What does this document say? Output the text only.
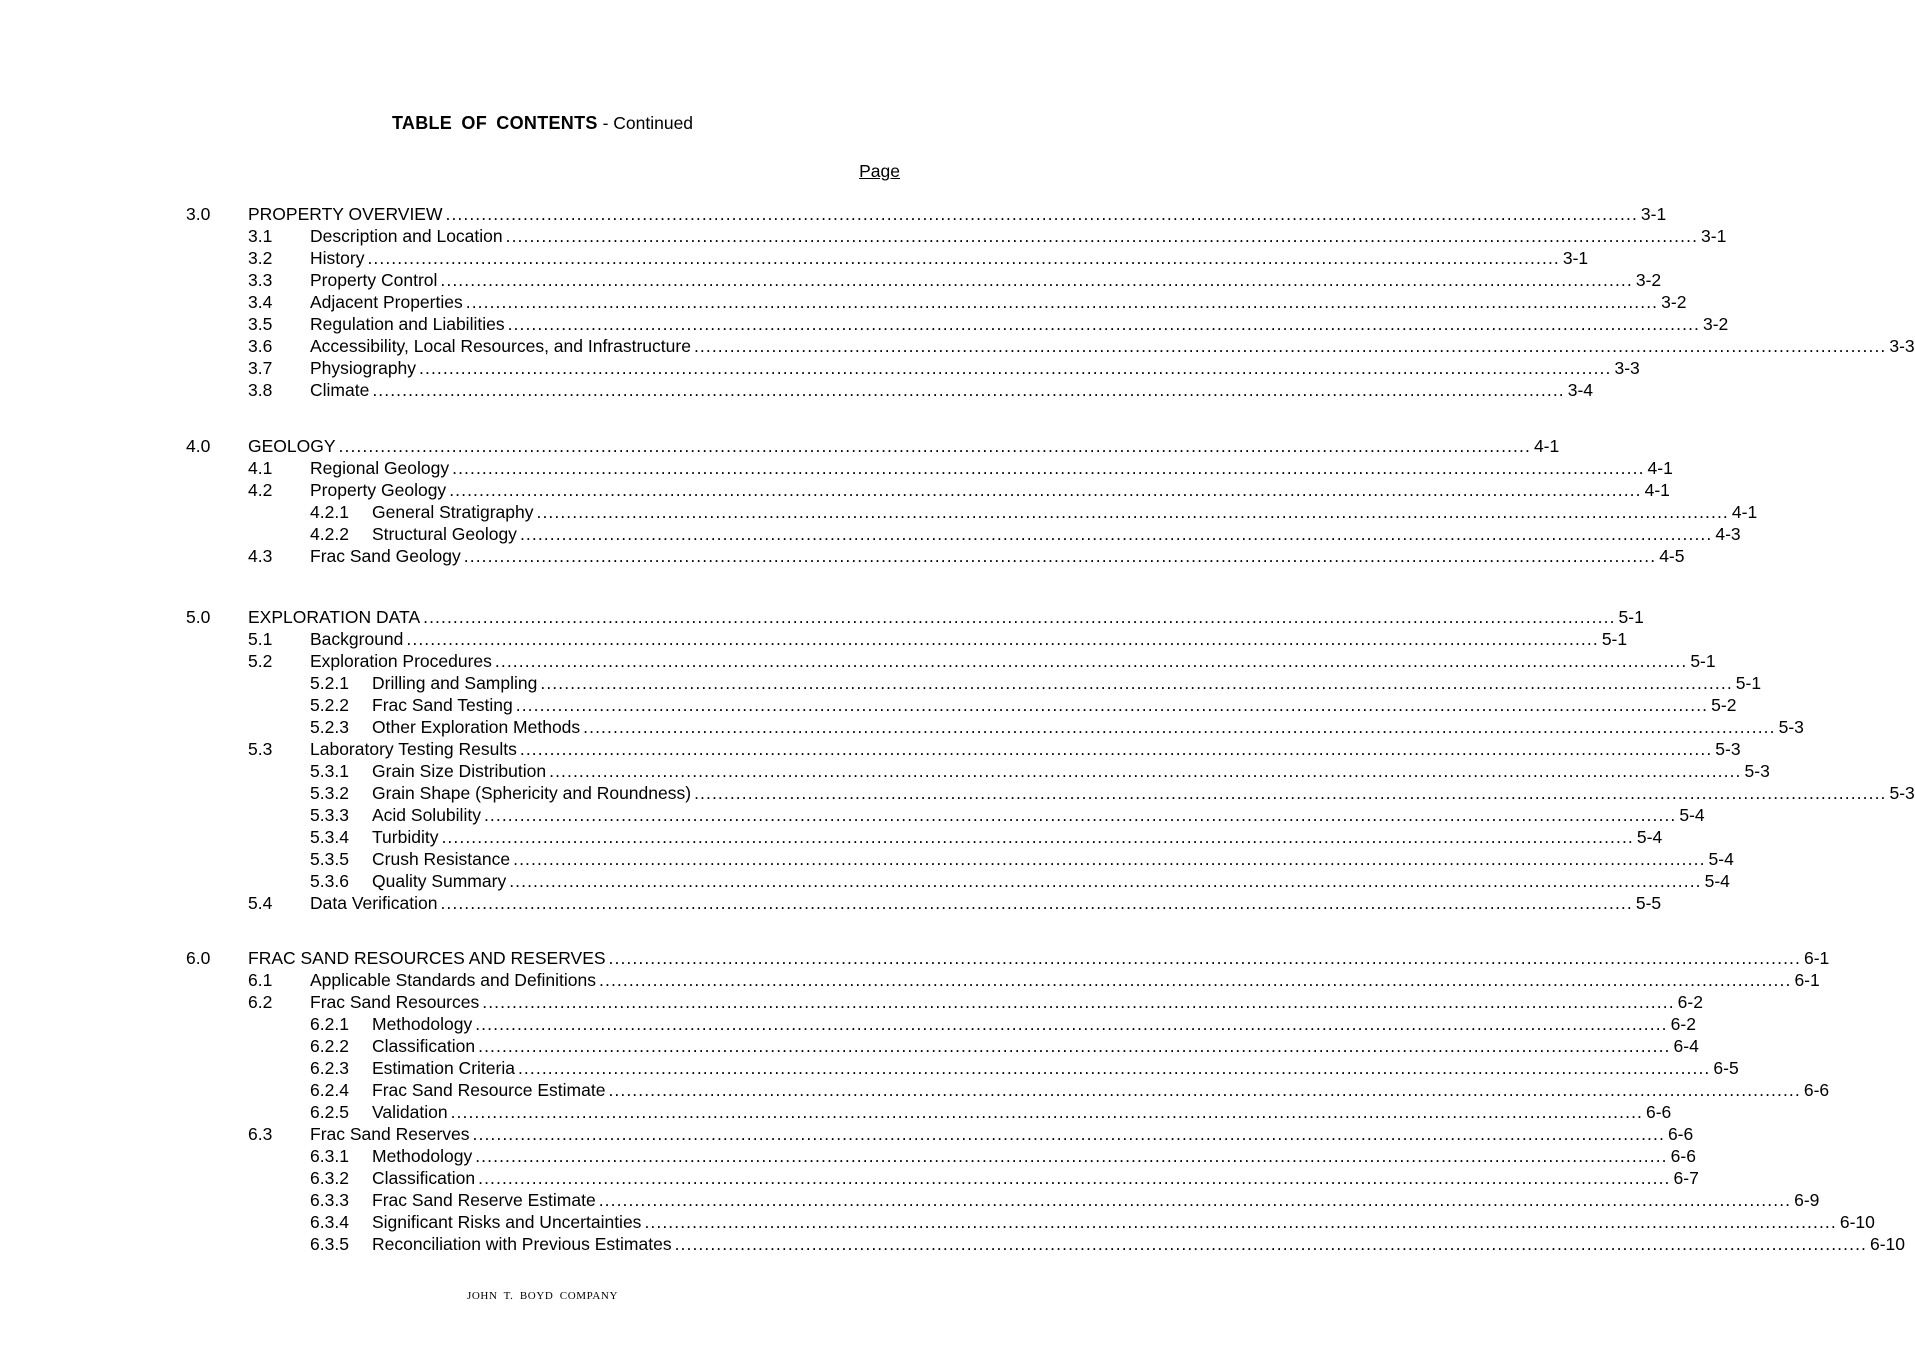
TABLE OF CONTENTS - Continued
Page
3.0 PROPERTY OVERVIEW ........................................................................................................................................................................................................ 3-1
3.1 Description and Location ........................................................................................................................................................................................................ 3-1
3.2 History ........................................................................................................................................................................................................ 3-1
3.3 Property Control ........................................................................................................................................................................................................ 3-2
3.4 Adjacent Properties ........................................................................................................................................................................................................ 3-2
3.5 Regulation and Liabilities ........................................................................................................................................................................................................ 3-2
3.6 Accessibility, Local Resources, and Infrastructure ........................................................................................................................................................................................................ 3-3
3.7 Physiography ........................................................................................................................................................................................................ 3-3
3.8 Climate ........................................................................................................................................................................................................ 3-4
4.0 GEOLOGY ........................................................................................................................................................................................................ 4-1
4.1 Regional Geology ........................................................................................................................................................................................................ 4-1
4.2 Property Geology ........................................................................................................................................................................................................ 4-1
4.2.1 General Stratigraphy ........................................................................................................................................................................................................ 4-1
4.2.2 Structural Geology ........................................................................................................................................................................................................ 4-3
4.3 Frac Sand Geology ........................................................................................................................................................................................................ 4-5
5.0 EXPLORATION DATA ........................................................................................................................................................................................................ 5-1
5.1 Background ........................................................................................................................................................................................................ 5-1
5.2 Exploration Procedures ........................................................................................................................................................................................................ 5-1
5.2.1 Drilling and Sampling ........................................................................................................................................................................................................ 5-1
5.2.2 Frac Sand Testing ........................................................................................................................................................................................................ 5-2
5.2.3 Other Exploration Methods ........................................................................................................................................................................................................ 5-3
5.3 Laboratory Testing Results ........................................................................................................................................................................................................ 5-3
5.3.1 Grain Size Distribution ........................................................................................................................................................................................................ 5-3
5.3.2 Grain Shape (Sphericity and Roundness) ........................................................................................................................................................................................................ 5-3
5.3.3 Acid Solubility ........................................................................................................................................................................................................ 5-4
5.3.4 Turbidity ........................................................................................................................................................................................................ 5-4
5.3.5 Crush Resistance ........................................................................................................................................................................................................ 5-4
5.3.6 Quality Summary ........................................................................................................................................................................................................ 5-4
5.4 Data Verification ........................................................................................................................................................................................................ 5-5
6.0 FRAC SAND RESOURCES AND RESERVES ........................................................................................................................................................................................................ 6-1
6.1 Applicable Standards and Definitions ........................................................................................................................................................................................................ 6-1
6.2 Frac Sand Resources ........................................................................................................................................................................................................ 6-2
6.2.1 Methodology ........................................................................................................................................................................................................ 6-2
6.2.2 Classification ........................................................................................................................................................................................................ 6-4
6.2.3 Estimation Criteria ........................................................................................................................................................................................................ 6-5
6.2.4 Frac Sand Resource Estimate ........................................................................................................................................................................................................ 6-6
6.2.5 Validation ........................................................................................................................................................................................................ 6-6
6.3 Frac Sand Reserves ........................................................................................................................................................................................................ 6-6
6.3.1 Methodology ........................................................................................................................................................................................................ 6-6
6.3.2 Classification ........................................................................................................................................................................................................ 6-7
6.3.3 Frac Sand Reserve Estimate ........................................................................................................................................................................................................ 6-9
6.3.4 Significant Risks and Uncertainties ........................................................................................................................................................................................................ 6-10
6.3.5 Reconciliation with Previous Estimates ........................................................................................................................................................................................................ 6-10
JOHN T. BOYD COMPANY
